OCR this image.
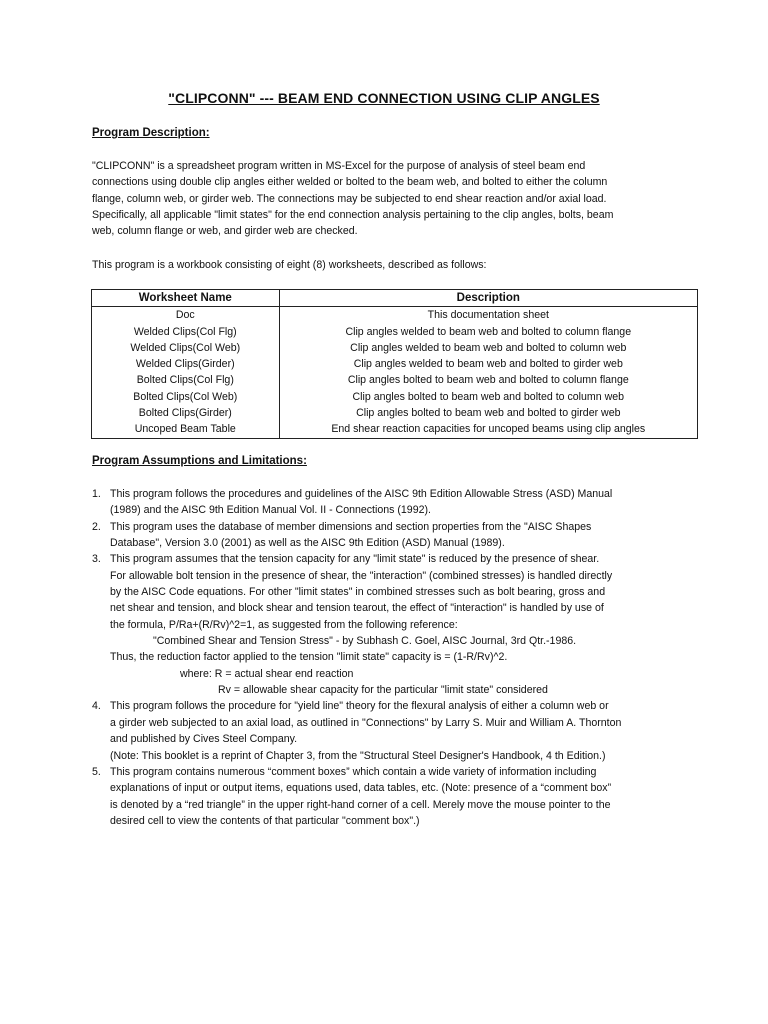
"CLIPCONN" --- BEAM END CONNECTION USING CLIP ANGLES
Program Description:

"CLIPCONN" is a spreadsheet program written in MS-Excel for the purpose of analysis of steel beam end
connections using double clip angles either welded or bolted to the beam web, and bolted to either the column
flange, column web, or girder web. The connections may be subjected to end shear reaction and/or axial load.
Specifically, all applicable "limit states" for the end connection analysis pertaining to the clip angles, bolts, beam
web, column flange or web, and girder web are checked.

This program is a workbook consisting of eight (8) worksheets, described as follows:

Worksheet Name	Description
Doc	This documentation sheet
Welded Clips(Col Flg)	Clip angles welded to beam web and bolted to column flange
Welded Clips(Col Web)	Clip angles welded to beam web and bolted to column web
Welded Clips(Girder)	Clip angles welded to beam web and bolted to girder web
Bolted Clips(Col Flg)	Clip angles bolted to beam web and bolted to column flange
Bolted Clips(Col Web)	Clip angles bolted to beam web and bolted to column web
Bolted Clips(Girder)	Clip angles bolted to beam web and bolted to girder web
Uncoped Beam Table	End shear reaction capacities for uncoped beams using clip angles
Program Assumptions and Limitations:
1. This program follows the procedures and guidelines of the AISC 9th Edition Allowable Stress (ASD) Manual
(1989) and the AISC 9th Edition Manual Vol. II - Connections (1992).
2. This program uses the database of member dimensions and section properties from the "AISC Shapes
Database", Version 3.0 (2001) as well as the AISC 9th Edition (ASD) Manual (1989).
3. This program assumes that the tension capacity for any "limit state" is reduced by the presence of shear.
For allowable bolt tension in the presence of shear, the "interaction" (combined stresses) is handled directly
by the AISC Code equations. For other "limit states" in combined stresses such as bolt bearing, gross and
net shear and tension, and block shear and tension tearout, the effect of "interaction" is handled by use of
the formula, P/Ra+(R/Rv)^2=1, as suggested from the following reference:
"Combined Shear and Tension Stress" - by Subhash C. Goel, AISC Journal, 3rd Qtr.-1986.
Thus, the reduction factor applied to the tension "limit state" capacity is = (1-R/Rv)^2.
where: R = actual shear end reaction
Rv = allowable shear capacity for the particular "limit state" considered
4. This program follows the procedure for "yield line" theory for the flexural analysis of either a column web or
a girder web subjected to an axial load, as outlined in "Connections" by Larry S. Muir and William A. Thornton
and published by Cives Steel Company.
(Note: This booklet is a reprint of Chapter 3, from the "Structural Steel Designer's Handbook, 4 th Edition.)
5. This program contains numerous “comment boxes” which contain a wide variety of information including
explanations of input or output items, equations used, data tables, etc. (Note: presence of a “comment box”
is denoted by a “red triangle” in the upper right-hand corner of a cell. Merely move the mouse pointer to the
desired cell to view the contents of that particular "comment box".)
